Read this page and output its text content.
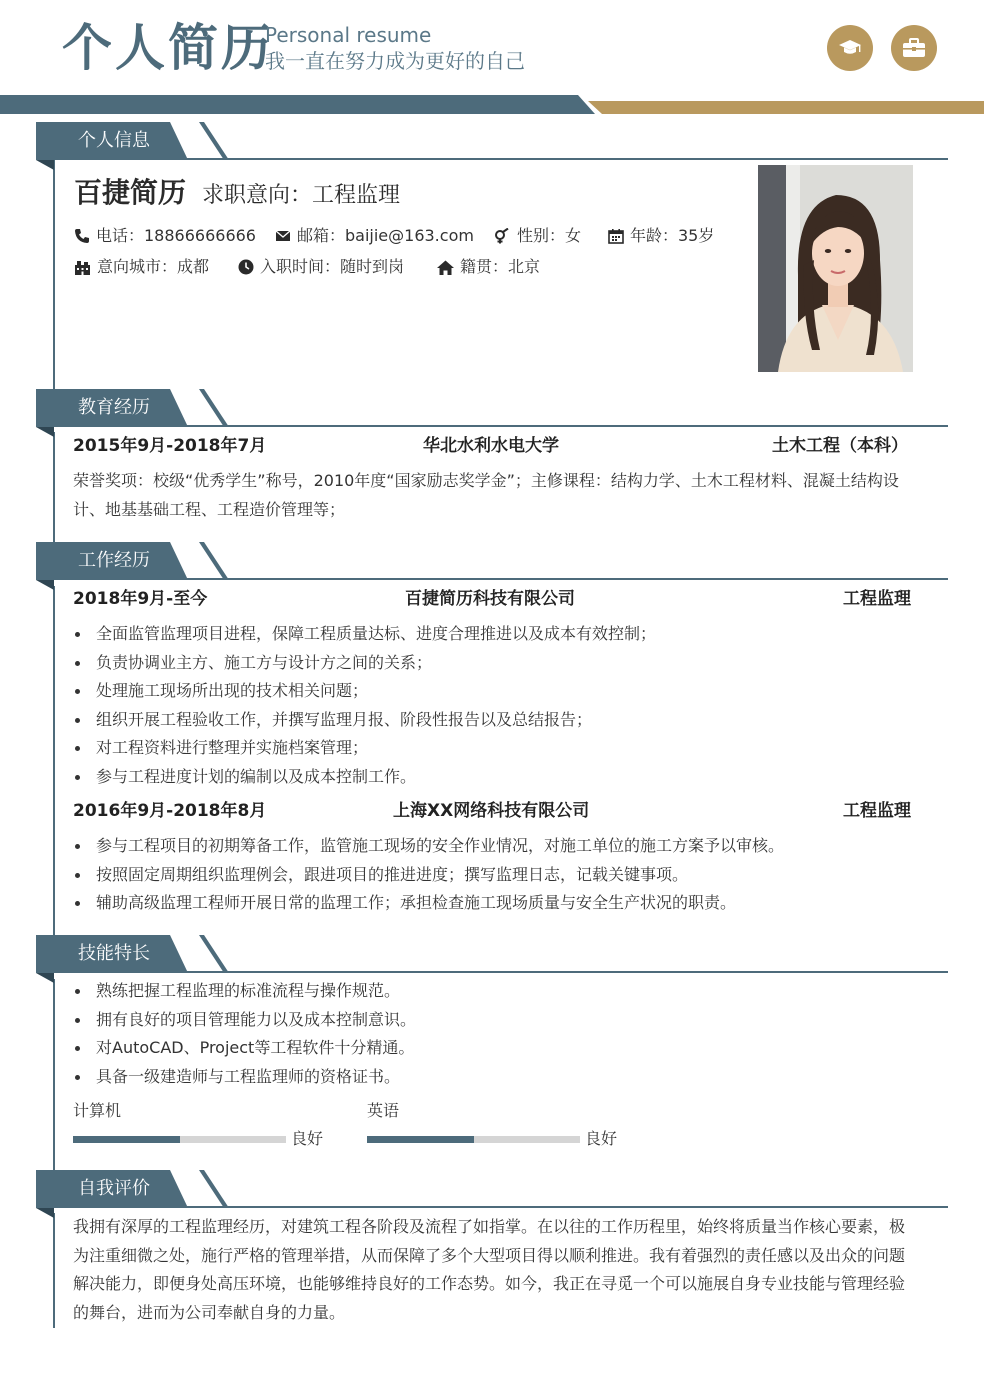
个人简历
Personal resume
我一直在努力成为更好的自己
个人信息
百捷简历 求职意向：工程监理
电话：18866666666	邮箱：baijie@163.com	性别：女	年龄：35岁
意向城市：成都	入职时间：随时到岗	籍贯：北京
教育经历
2015年9月-2018年7月	华北水利水电大学	土木工程（本科）
荣誉奖项：校级“优秀学生”称号，2010年度“国家励志奖学金”；主修课程：结构力学、土木工程材料、混凝土结构设计、地基基础工程、工程造价管理等；
工作经历
2018年9月-至今	百捷简历科技有限公司	工程监理
全面监管监理项目进程，保障工程质量达标、进度合理推进以及成本有效控制；
负责协调业主方、施工方与设计方之间的关系；
处理施工现场所出现的技术相关问题；
组织开展工程验收工作，并撰写监理月报、阶段性报告以及总结报告；
对工程资料进行整理并实施档案管理；
参与工程进度计划的编制以及成本控制工作。
2016年9月-2018年8月	上海XX网络科技有限公司	工程监理
参与工程项目的初期筹备工作，监管施工现场的安全作业情况，对施工单位的施工方案予以审核。
按照固定周期组织监理例会，跟进项目的推进进度；撰写监理日志，记载关键事项。
辅助高级监理工程师开展日常的监理工作；承担检查施工现场质量与安全生产状况的职责。
技能特长
熟练把握工程监理的标准流程与操作规范。
拥有良好的项目管理能力以及成本控制意识。
对AutoCAD、Project等工程软件十分精通。
具备一级建造师与工程监理师的资格证书。
计算机
良好
英语
良好
自我评价
我拥有深厚的工程监理经历，对建筑工程各阶段及流程了如指掌。在以往的工作历程里，始终将质量当作核心要素，极为注重细微之处，施行严格的管理举措，从而保障了多个大型项目得以顺利推进。我有着强烈的责任感以及出众的问题解决能力，即便身处高压环境，也能够维持良好的工作态势。如今，我正在寻觅一个可以施展自身专业技能与管理经验的舞台，进而为公司奉献自身的力量。
